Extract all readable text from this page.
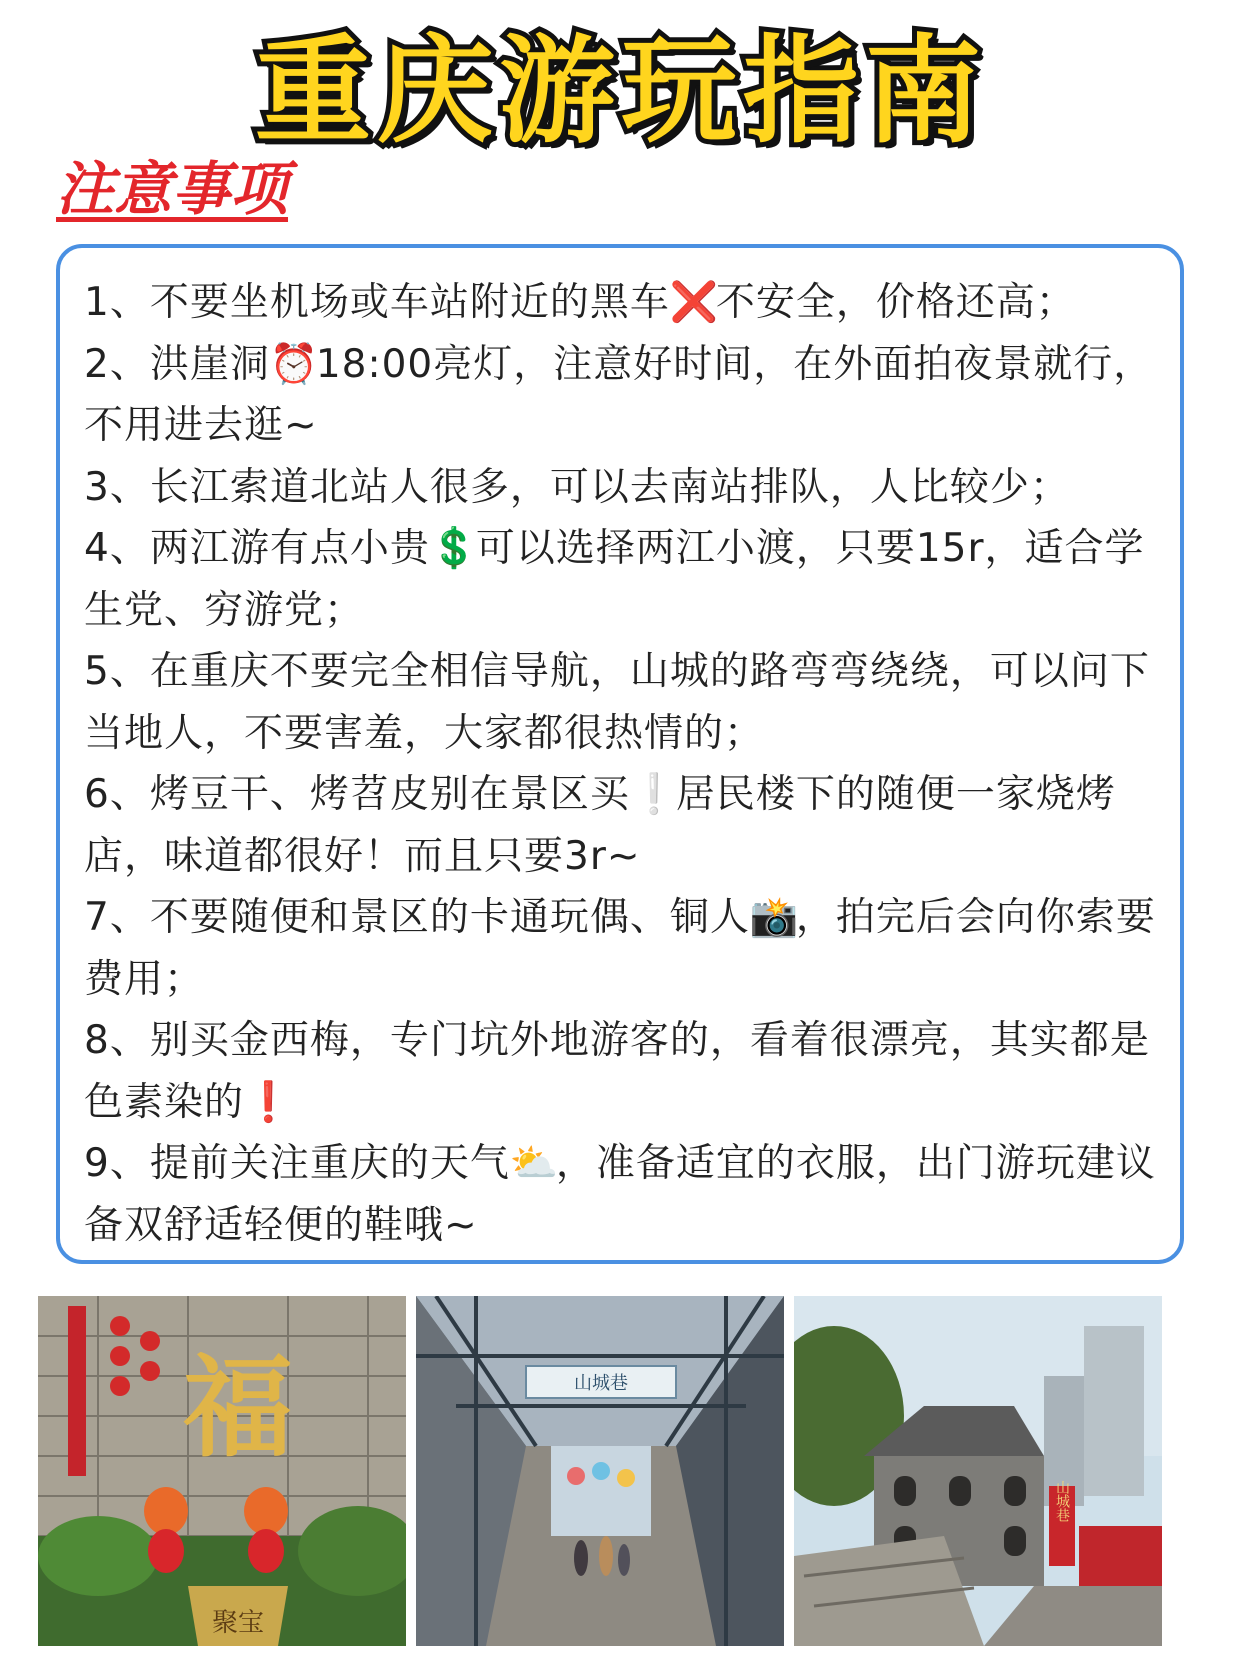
重庆游玩指南
注意事项

1、不要坐机场或车站附近的黑车❌不安全，价格还高；

2、洪崖洞⏰18:00亮灯，注意好时间，在外面拍夜景就行，不用进去逛~

3、长江索道北站人很多，可以去南站排队，人比较少；

4、两江游有点小贵💲可以选择两江小渡，只要15r，适合学生党、穷游党；

5、在重庆不要完全相信导航，山城的路弯弯绕绕，可以问下当地人，不要害羞，大家都很热情的；

6、烤豆干、烤苕皮别在景区买❕居民楼下的随便一家烧烤店，味道都很好！而且只要3r~

7、不要随便和景区的卡通玩偶、铜人📸，拍完后会向你索要费用；

8、别买金西梅，专门坑外地游客的，看着很漂亮，其实都是色素染的❗

9、提前关注重庆的天气⛅，准备适宜的衣服，出门游玩建议备双舒适轻便的鞋哦~

福
聚宝
山城巷
山城巷
